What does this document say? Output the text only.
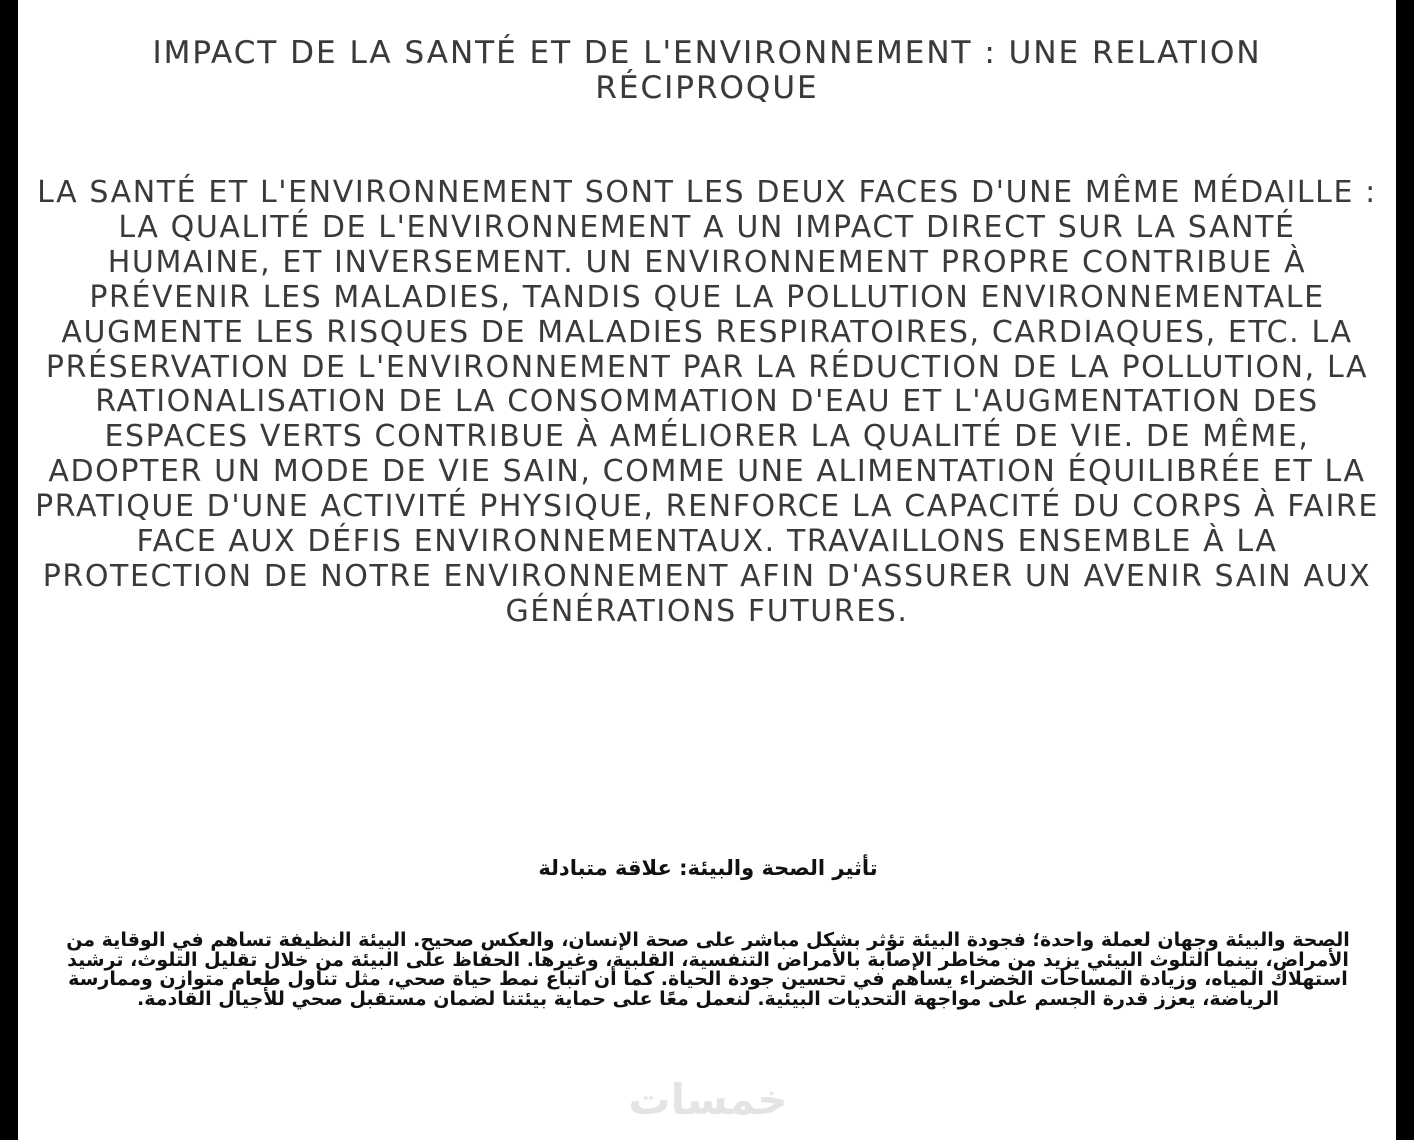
IMPACT DE LA SANTÉ ET DE L'ENVIRONNEMENT : UNE RELATION RÉCIPROQUE

LA SANTÉ ET L'ENVIRONNEMENT SONT LES DEUX FACES D'UNE MÊME MÉDAILLE : LA QUALITÉ DE L'ENVIRONNEMENT A UN IMPACT DIRECT SUR LA SANTÉ HUMAINE, ET INVERSEMENT. UN ENVIRONNEMENT PROPRE CONTRIBUE À PRÉVENIR LES MALADIES, TANDIS QUE LA POLLUTION ENVIRONNEMENTALE AUGMENTE LES RISQUES DE MALADIES RESPIRATOIRES, CARDIAQUES, ETC. LA PRÉSERVATION DE L'ENVIRONNEMENT PAR LA RÉDUCTION DE LA POLLUTION, LA RATIONALISATION DE LA CONSOMMATION D'EAU ET L'AUGMENTATION DES ESPACES VERTS CONTRIBUE À AMÉLIORER LA QUALITÉ DE VIE. DE MÊME, ADOPTER UN MODE DE VIE SAIN, COMME UNE ALIMENTATION ÉQUILIBRÉE ET LA PRATIQUE D'UNE ACTIVITÉ PHYSIQUE, RENFORCE LA CAPACITÉ DU CORPS À FAIRE FACE AUX DÉFIS ENVIRONNEMENTAUX. TRAVAILLONS ENSEMBLE À LA PROTECTION DE NOTRE ENVIRONNEMENT AFIN D'ASSURER UN AVENIR SAIN AUX GÉNÉRATIONS FUTURES.

تأثير الصحة والبيئة: علاقة متبادلة

الصحة والبيئة وجهان لعملة واحدة؛ فجودة البيئة تؤثر بشكل مباشر على صحة الإنسان، والعكس صحيح. البيئة النظيفة تساهم في الوقاية من الأمراض، بينما التلوث البيئي يزيد من مخاطر الإصابة بالأمراض التنفسية، القلبية، وغيرها. الحفاظ على البيئة من خلال تقليل التلوث، ترشيد استهلاك المياه، وزيادة المساحات الخضراء يساهم في تحسين جودة الحياة. كما أن اتباع نمط حياة صحي، مثل تناول طعام متوازن وممارسة الرياضة، يعزز قدرة الجسم على مواجهة التحديات البيئية. لنعمل معًا على حماية بيئتنا لضمان مستقبل صحي للأجيال القادمة.

خمسات
